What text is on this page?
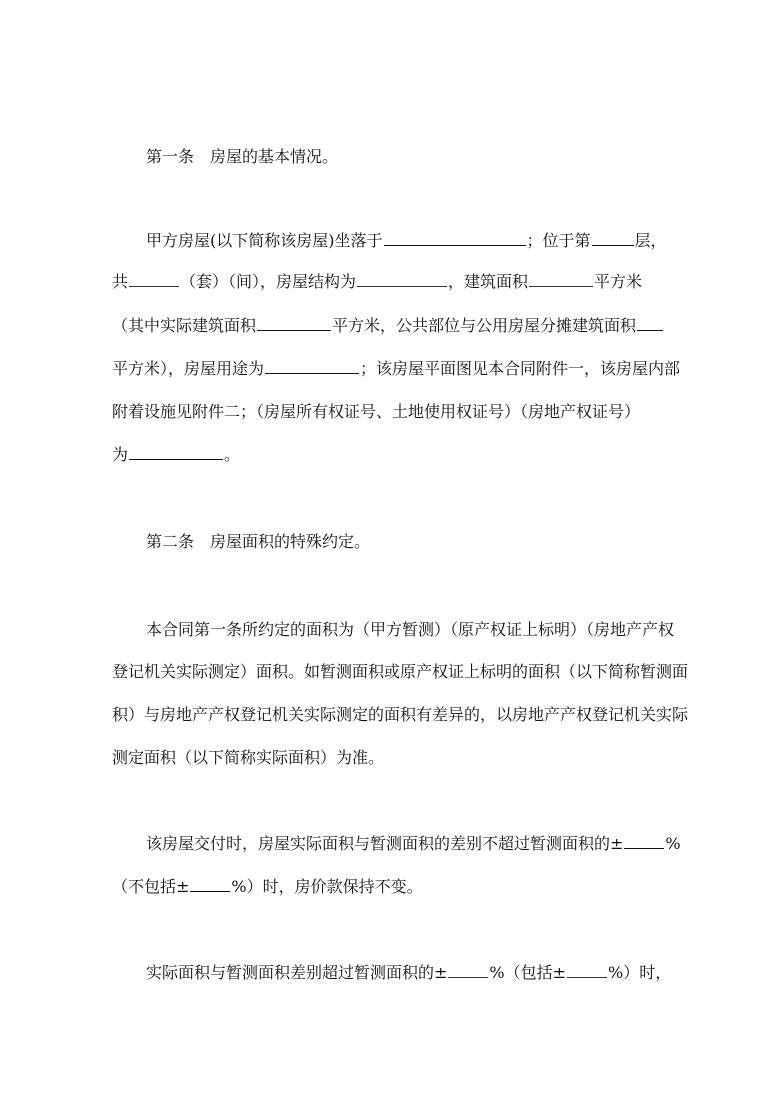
第一条　房屋的基本情况。
甲方房屋(以下简称该房屋)坐落于	；位于第	层，
共	（套）（间），房屋结构为	，建筑面积	平方米
（其中实际建筑面积	平方米，公共部位与公用房屋分摊建筑面积
平方米），房屋用途为	；该房屋平面图见本合同附件一，该房屋内部
附着设施见附件二；（房屋所有权证号、土地使用权证号）（房地产权证号）
为	。
第二条　房屋面积的特殊约定。
本合同第一条所约定的面积为（甲方暂测）（原产权证上标明）（房地产产权
登记机关实际测定）面积。如暂测面积或原产权证上标明的面积（以下简称暂测面
积）与房地产产权登记机关实际测定的面积有差异的，以房地产产权登记机关实际
测定面积（以下简称实际面积）为准。
该房屋交付时，房屋实际面积与暂测面积的差别不超过暂测面积的±	%
（不包括±	%）时，房价款保持不变。
实际面积与暂测面积差别超过暂测面积的±	%（包括±	%）时，
